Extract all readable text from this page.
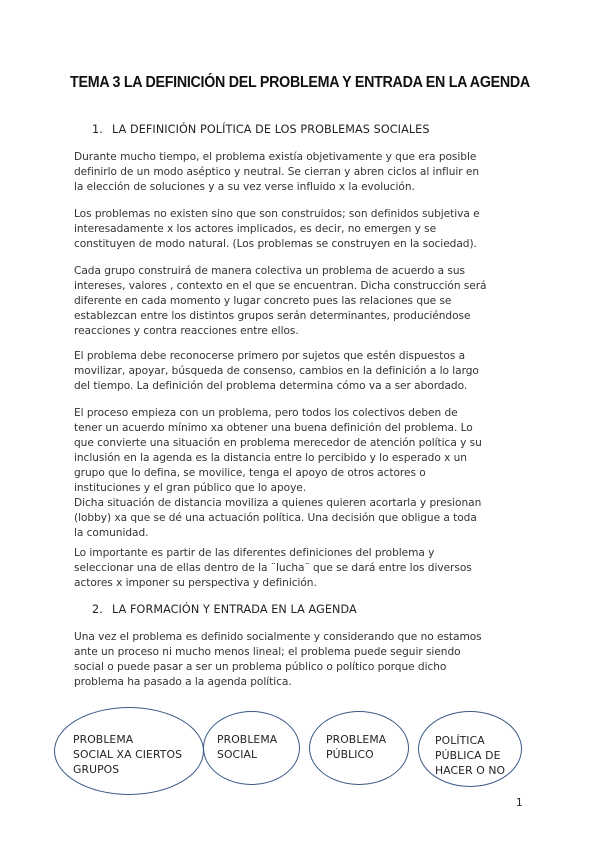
TEMA 3 LA DEFINICIÓN DEL PROBLEMA Y ENTRADA EN LA AGENDA
1. LA DEFINICIÓN POLÍTICA DE LOS PROBLEMAS SOCIALES

Durante mucho tiempo, el problema existía objetivamente y que era posible

definirlo de un modo aséptico y neutral. Se cierran y abren ciclos al influir en

la elección de soluciones y a su vez verse influido x la evolución.

Los problemas no existen sino que son construidos; son definidos subjetiva e

interesadamente x los actores implicados, es decir, no emergen y se

constituyen de modo natural. (Los problemas se construyen en la sociedad).

Cada grupo construirá de manera colectiva un problema de acuerdo a sus

intereses, valores , contexto en el que se encuentran. Dicha construcción será

diferente en cada momento y lugar concreto pues las relaciones que se

establezcan entre los distintos grupos serán determinantes, produciéndose

reacciones y contra reacciones entre ellos.

El problema debe reconocerse primero por sujetos que estén dispuestos a

movilizar, apoyar, búsqueda de consenso, cambios en la definición a lo largo

del tiempo. La definición del problema determina cómo va a ser abordado.

El proceso empieza con un problema, pero todos los colectivos deben de

tener un acuerdo mínimo xa obtener una buena definición del problema. Lo

que convierte una situación en problema merecedor de atención política y su

inclusión en la agenda es la distancia entre lo percibido y lo esperado x un

grupo que lo defina, se movilice, tenga el apoyo de otros actores o

instituciones y el gran público que lo apoye.

Dicha situación de distancia moviliza a quienes quieren acortarla y presionan

(lobby) xa que se dé una actuación política. Una decisión que obligue a toda

la comunidad.

Lo importante es partir de las diferentes definiciones del problema y

seleccionar una de ellas dentro de la ¨lucha¨ que se dará entre los diversos

actores x imponer su perspectiva y definición.

2. LA FORMACIÓN Y ENTRADA EN LA AGENDA

Una vez el problema es definido socialmente y considerando que no estamos

ante un proceso ni mucho menos lineal; el problema puede seguir siendo

social o puede pasar a ser un problema público o político porque dicho

problema ha pasado a la agenda política.

PROBLEMA
SOCIAL XA CIERTOS
GRUPOS
PROBLEMA
SOCIAL
PROBLEMA
PÚBLICO
POLÍTICA
PÚBLICA DE
HACER O NO
1
